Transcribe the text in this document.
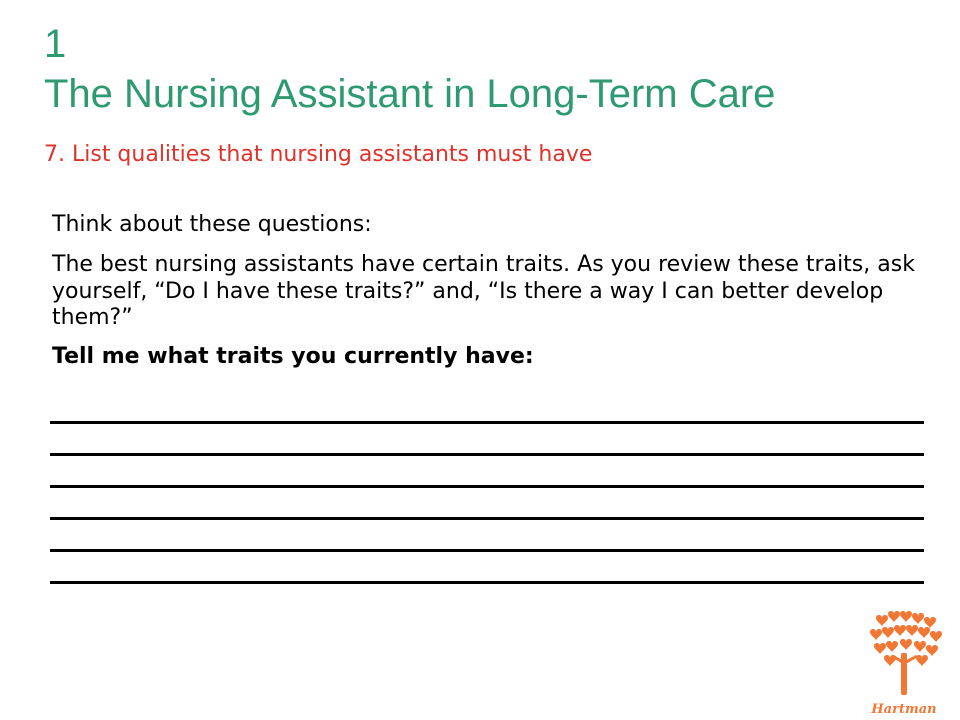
1
The Nursing Assistant in Long-Term Care
7. List qualities that nursing assistants must have

Think about these questions:

The best nursing assistants have certain traits. As you review these traits, ask yourself, “Do I have these traits?” and, “Is there a way I can better develop them?”

Tell me what traits you currently have:

Hartman
